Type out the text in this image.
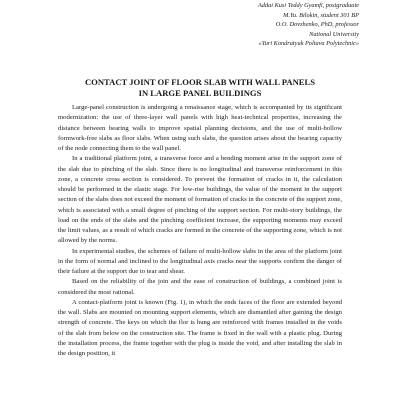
Addai Kusi Teddy Gyamfi, postgraduate
M.Yu. Bilokin, student 301 BP
O.O. Dovzhenko, PhD, professor
National University
«Yuri Kondratyuk Poltava Polytechnic»
CONTACT JOINT OF FLOOR SLAB WITH WALL PANELS
IN LARGE PANEL BUILDINGS

Large-panel construction is undergoing a renaissance stage, which is accompanied by its significant modernization: the use of three-layer wall panels with high heat-technical properties, increasing the distance between bearing walls to improve spatial planning decisions, and the use of multi-hollow formwork-free slabs as floor slabs. When using such slabs, the question arises about the bearing capacity of the node connecting them to the wall panel.

In a traditional platform joint, a transverse force and a bending moment arise in the support zone of the slab due to pinching of the slab. Since there is no longitudinal and transverse reinforcement in this zone, a concrete cross section is considered. To prevent the formation of cracks in it, the calculation should be performed in the elastic stage. For low-rise buildings, the value of the moment in the support section of the slabs does not exceed the moment of formation of cracks in the concrete of the support zone, which is associated with a small degree of pinching of the support section. For multi-story buildings, the load on the ends of the slabs and the pinching coefficient increase, the supporting moments may exceed the limit values, as a result of which cracks are formed in the concrete of the supporting zone, which is not allowed by the norms.

In experimental studies, the schemes of failure of multi-hollow slabs in the area of the platform joint in the form of normal and inclined to the longitudinal axis cracks near the supports confirm the danger of their failure at the support due to tear and shear.

Based on the reliability of the join and the ease of construction of buildings, a combined joint is considered the most rational.

A contact-platform joint is known (Fig. 1), in which the ends faces of the floor are extended beyond the wall. Slabs are mounted on mounting support elements, which are dismantled after gaining the design strength of concrete. The keys on which the flor is hung are reinforced with frames installed in the voids of the slab from below on the construction site. The frame is fixed in the wall with a plastic plug. During the installation process, the frame together with the plug is inside the void, and after installing the slab in the design position, it
